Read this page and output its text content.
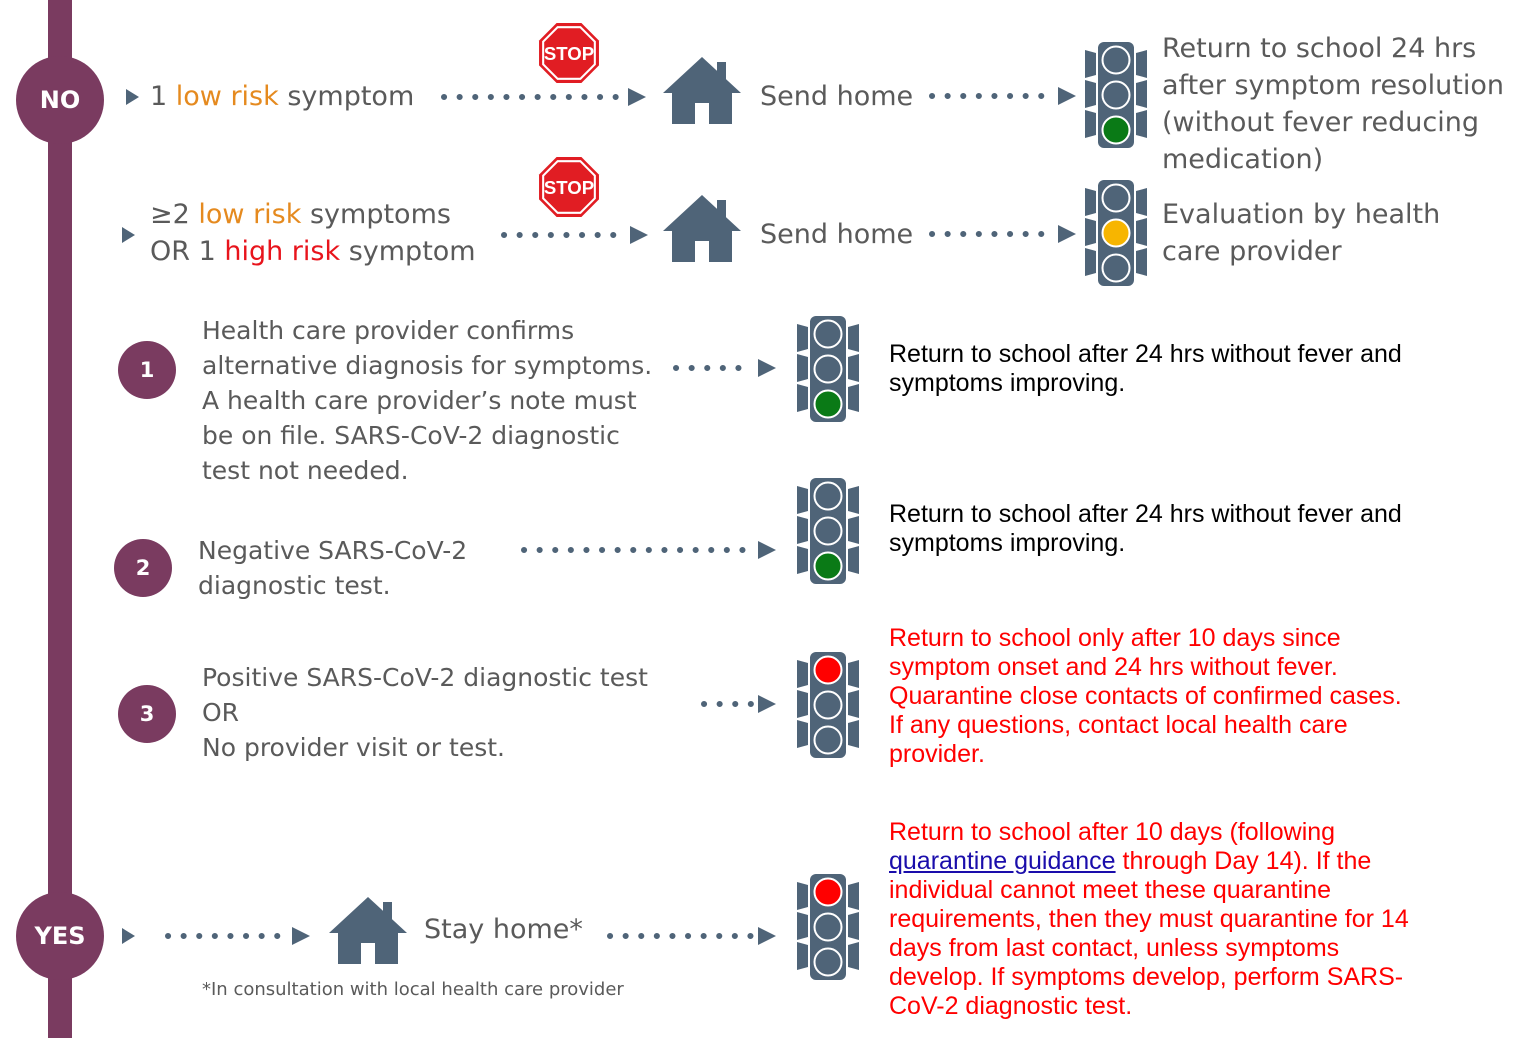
NO
YES
1 low risk symptom	Send home
Return to school 24 hrs
after symptom resolution
(without fever reducing
medication)
≥2 low risk symptoms
OR 1 high risk symptom
Send home
Evaluation by health
care provider
1
Health care provider confirms
alternative diagnosis for symptoms.
A health care provider’s note must
be on file. SARS-CoV-2 diagnostic
test not needed.
Return to school after 24 hrs without fever and
symptoms improving.
2
Negative SARS-CoV-2
diagnostic test.
Return to school after 24 hrs without fever and
symptoms improving.
3
Positive SARS-CoV-2 diagnostic test
OR
No provider visit or test.
Return to school only after 10 days since
symptom onset and 24 hrs without fever.
Quarantine close contacts of confirmed cases.
If any questions, contact local health care
provider.
Stay home*
*In consultation with local health care provider
Return to school after 10 days (following
quarantine guidance through Day 14). If the
individual cannot meet these quarantine
requirements, then they must quarantine for 14
days from last contact, unless symptoms
develop. If symptoms develop, perform SARS-
CoV-2 diagnostic test.
